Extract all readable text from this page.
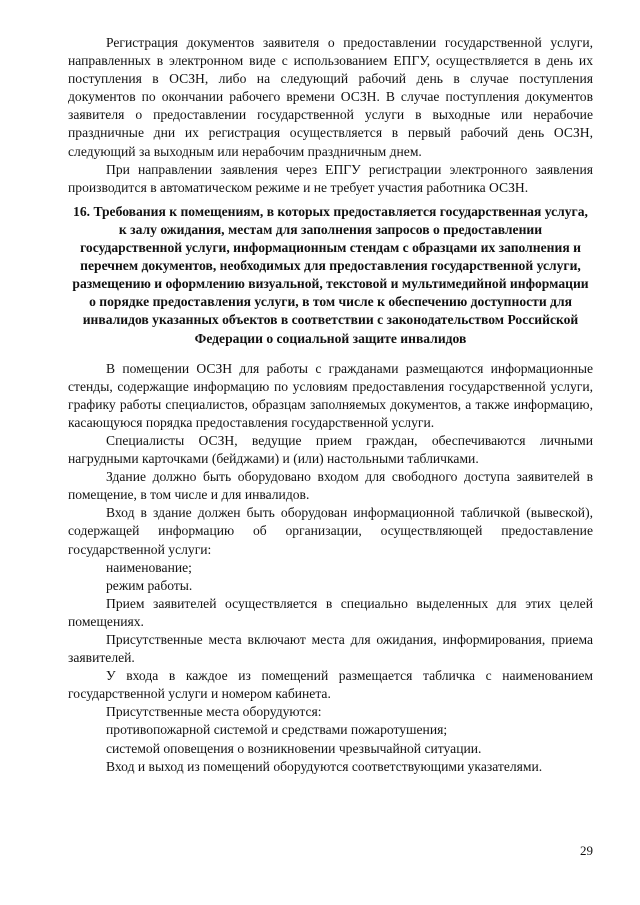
Регистрация документов заявителя о предоставлении государственной услуги, направленных в электронном виде с использованием ЕПГУ, осуществляется в день их поступления в ОСЗН, либо на следующий рабочий день в случае поступления документов по окончании рабочего времени ОСЗН. В случае поступления документов заявителя о предоставлении государственной услуги в выходные или нерабочие праздничные дни их регистрация осуществляется в первый рабочий день ОСЗН, следующий за выходным или нерабочим праздничным днем.

При направлении заявления через ЕПГУ регистрации электронного заявления производится в автоматическом режиме и не требует участия работника ОСЗН.

16. Требования к помещениям, в которых предоставляется государственная услуга, к залу ожидания, местам для заполнения запросов о предоставлении государственной услуги, информационным стендам с образцами их заполнения и перечнем документов, необходимых для предоставления государственной услуги, размещению и оформлению визуальной, текстовой и мультимедийной информации о порядке предоставления услуги, в том числе к обеспечению доступности для инвалидов указанных объектов в соответствии с законодательством Российской Федерации о социальной защите инвалидов

В помещении ОСЗН для работы с гражданами размещаются информационные стенды, содержащие информацию по условиям предоставления государственной услуги, графику работы специалистов, образцам заполняемых документов, а также информацию, касающуюся порядка предоставления государственной услуги.

Специалисты ОСЗН, ведущие прием граждан, обеспечиваются личными нагрудными карточками (бейджами) и (или) настольными табличками.

Здание должно быть оборудовано входом для свободного доступа заявителей в помещение, в том числе и для инвалидов.

Вход в здание должен быть оборудован информационной табличкой (вывеской), содержащей информацию об организации, осуществляющей предоставление государственной услуги:

наименование;

режим работы.

Прием заявителей осуществляется в специально выделенных для этих целей помещениях.

Присутственные места включают места для ожидания, информирования, приема заявителей.

У входа в каждое из помещений размещается табличка с наименованием государственной услуги и номером кабинета.

Присутственные места оборудуются:

противопожарной системой и средствами пожаротушения;

системой оповещения о возникновении чрезвычайной ситуации.

Вход и выход из помещений оборудуются соответствующими указателями.

29
